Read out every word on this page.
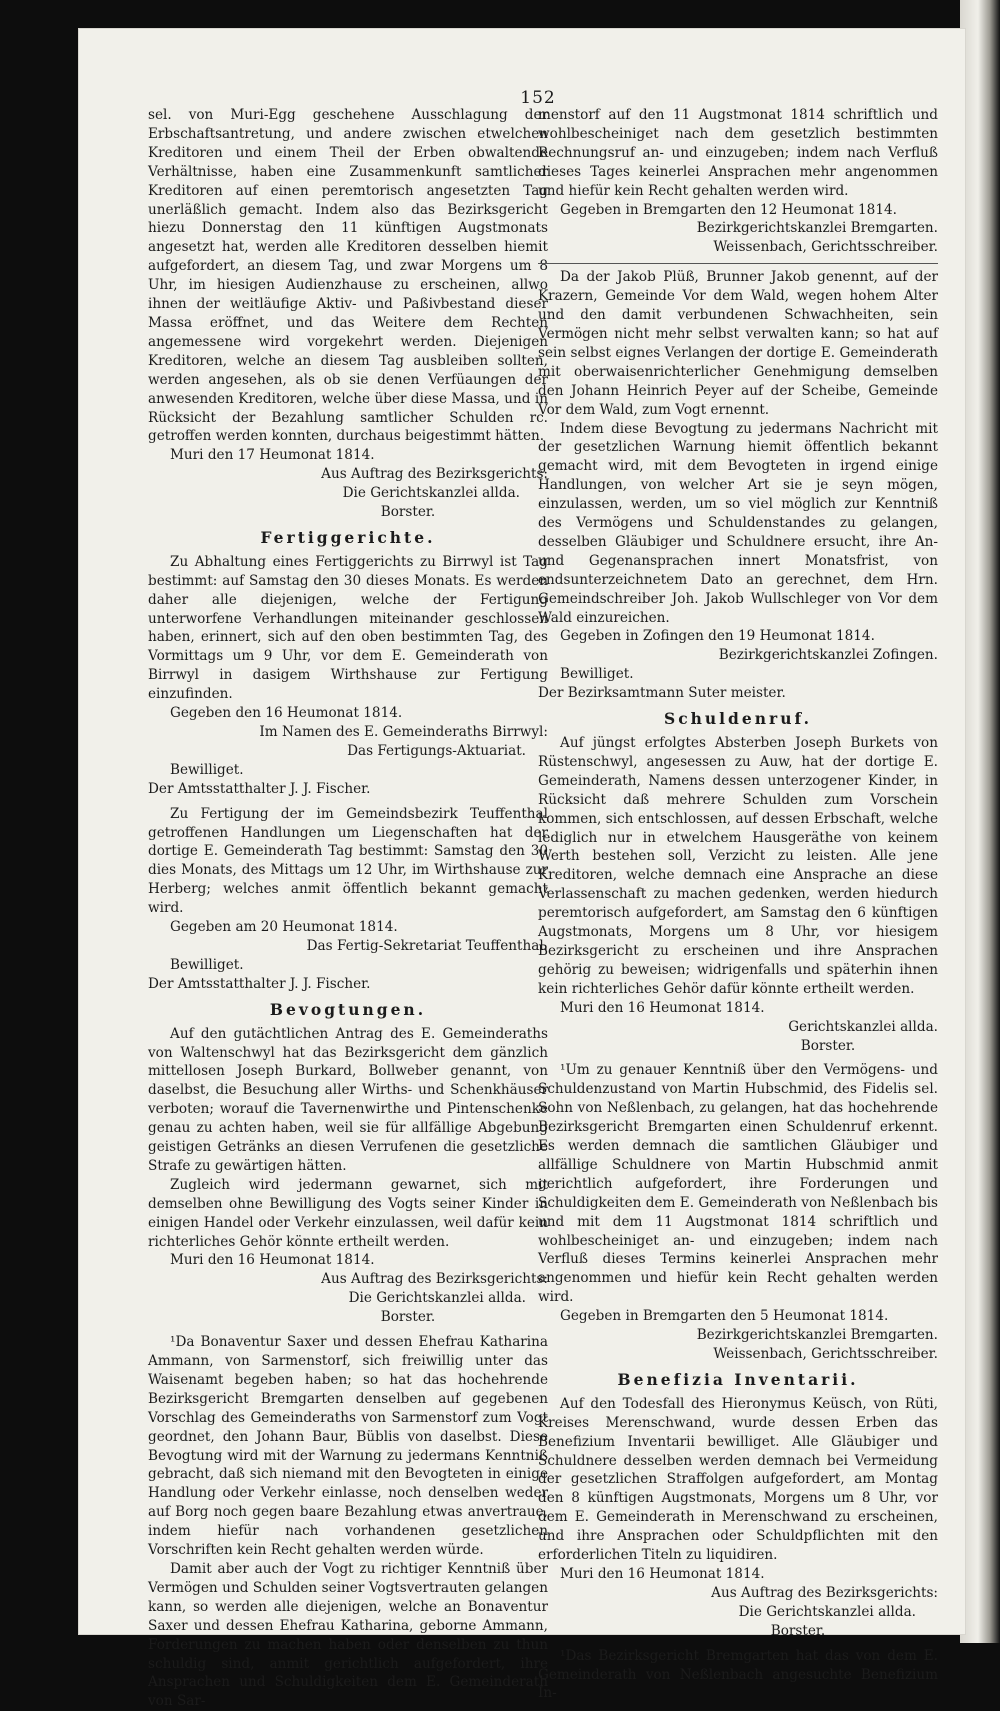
152

sel. von Muri-Egg geschehene Ausschlagung der Erbschaftsantretung, und andere zwischen etwelchen Kreditoren und einem Theil der Erben obwaltende Verhältnisse, haben eine Zusammenkunft samtlicher Kreditoren auf einen peremtorisch angesetzten Tag unerläßlich gemacht. Indem also das Bezirksgericht hiezu Donnerstag den 11 künftigen Augstmonats angesetzt hat, werden alle Kreditoren desselben hiemit aufgefordert, an diesem Tag, und zwar Morgens um 8 Uhr, im hiesigen Audienzhause zu erscheinen, allwo ihnen der weitläufige Aktiv- und Paßivbestand dieser Massa eröffnet, und das Weitere dem Rechten angemessene wird vorgekehrt werden. Diejenigen Kreditoren, welche an diesem Tag ausbleiben sollten, werden angesehen, als ob sie denen Verfüaungen der anwesenden Kreditoren, welche über diese Massa, und in Rücksicht der Bezahlung samtlicher Schulden rc. getroffen werden konnten, durchaus beigestimmt hätten.

Muri den 17 Heumonat 1814.

Aus Auftrag des Bezirksgerichts:

Die Gerichtskanzlei allda.

Borster.

Fertiggerichte.

Zu Abhaltung eines Fertiggerichts zu Birrwyl ist Tag bestimmt: auf Samstag den 30 dieses Monats. Es werden daher alle diejenigen, welche der Fertigung unterworfene Verhandlungen miteinander geschlossen haben, erinnert, sich auf den oben bestimmten Tag, des Vormittags um 9 Uhr, vor dem E. Gemeinderath von Birrwyl in dasigem Wirthshause zur Fertigung einzufinden.

Gegeben den 16 Heumonat 1814.

Im Namen des E. Gemeinderaths Birrwyl:

Das Fertigungs-Aktuariat.

Bewilliget.

Der Amtsstatthalter J. J. Fischer.

Zu Fertigung der im Gemeindsbezirk Teuffenthal getroffenen Handlungen um Liegenschaften hat der dortige E. Gemeinderath Tag bestimmt: Samstag den 30 dies Monats, des Mittags um 12 Uhr, im Wirthshause zur Herberg; welches anmit öffentlich bekannt gemacht wird.

Gegeben am 20 Heumonat 1814.

Das Fertig-Sekretariat Teuffenthal.

Bewilliget.

Der Amtsstatthalter J. J. Fischer.

Bevogtungen.

Auf den gutächtlichen Antrag des E. Gemeinderaths von Waltenschwyl hat das Bezirksgericht dem gänzlich mittellosen Joseph Burkard, Bollweber genannt, von daselbst, die Besuchung aller Wirths- und Schenkhäuser verboten; worauf die Tavernenwirthe und Pintenschenke genau zu achten haben, weil sie für allfällige Abgebung geistigen Getränks an diesen Verrufenen die gesetzliche Strafe zu gewärtigen hätten.

Zugleich wird jedermann gewarnet, sich mit demselben ohne Bewilligung des Vogts seiner Kinder in einigen Handel oder Verkehr einzulassen, weil dafür kein richterliches Gehör könnte ertheilt werden.

Muri den 16 Heumonat 1814.

Aus Auftrag des Bezirksgerichts:

Die Gerichtskanzlei allda.

Borster.

¹Da Bonaventur Saxer und dessen Ehefrau Katharina Ammann, von Sarmenstorf, sich freiwillig unter das Waisenamt begeben haben; so hat das hochehrende Bezirksgericht Bremgarten denselben auf gegebenen Vorschlag des Gemeinderaths von Sarmenstorf zum Vogt geordnet, den Johann Baur, Büblis von daselbst. Diese Bevogtung wird mit der Warnung zu jedermans Kenntniß gebracht, daß sich niemand mit den Bevogteten in einige Handlung oder Verkehr einlasse, noch denselben weder auf Borg noch gegen baare Bezahlung etwas anvertraue, indem hiefür nach vorhandenen gesetzlichen Vorschriften kein Recht gehalten werden würde.

Damit aber auch der Vogt zu richtiger Kenntniß über Vermögen und Schulden seiner Vogtsvertrauten gelangen kann, so werden alle diejenigen, welche an Bonaventur Saxer und dessen Ehefrau Katharina, geborne Ammann, Forderungen zu machen haben oder denselben zu thun schuldig sind, anmit gerichtlich aufgefordert, ihre Ansprachen und Schuldigkeiten dem E. Gemeinderath von Sar-

menstorf auf den 11 Augstmonat 1814 schriftlich und wohlbescheiniget nach dem gesetzlich bestimmten Rechnungsruf an- und einzugeben; indem nach Verfluß dieses Tages keinerlei Ansprachen mehr angenommen und hiefür kein Recht gehalten werden wird.

Gegeben in Bremgarten den 12 Heumonat 1814.

Bezirkgerichtskanzlei Bremgarten.

Weissenbach, Gerichtsschreiber.

Da der Jakob Plüß, Brunner Jakob genennt, auf der Krazern, Gemeinde Vor dem Wald, wegen hohem Alter und den damit verbundenen Schwachheiten, sein Vermögen nicht mehr selbst verwalten kann; so hat auf sein selbst eignes Verlangen der dortige E. Gemeinderath mit oberwaisenrichterlicher Genehmigung demselben den Johann Heinrich Peyer auf der Scheibe, Gemeinde Vor dem Wald, zum Vogt ernennt.

Indem diese Bevogtung zu jedermans Nachricht mit der gesetzlichen Warnung hiemit öffentlich bekannt gemacht wird, mit dem Bevogteten in irgend einige Handlungen, von welcher Art sie je seyn mögen, einzulassen, werden, um so viel möglich zur Kenntniß des Vermögens und Schuldenstandes zu gelangen, desselben Gläubiger und Schuldnere ersucht, ihre An- und Gegenansprachen innert Monatsfrist, von endsunterzeichnetem Dato an gerechnet, dem Hrn. Gemeindschreiber Joh. Jakob Wullschleger von Vor dem Wald einzureichen.

Gegeben in Zofingen den 19 Heumonat 1814.

Bezirkgerichtskanzlei Zofingen.

Bewilliget.

Der Bezirksamtmann Suter meister.

Schuldenruf.

Auf jüngst erfolgtes Absterben Joseph Burkets von Rüstenschwyl, angesessen zu Auw, hat der dortige E. Gemeinderath, Namens dessen unterzogener Kinder, in Rücksicht daß mehrere Schulden zum Vorschein kommen, sich entschlossen, auf dessen Erbschaft, welche lediglich nur in etwelchem Hausgeräthe von keinem Werth bestehen soll, Verzicht zu leisten. Alle jene Kreditoren, welche demnach eine Ansprache an diese Verlassenschaft zu machen gedenken, werden hiedurch peremtorisch aufgefordert, am Samstag den 6 künftigen Augstmonats, Morgens um 8 Uhr, vor hiesigem Bezirksgericht zu erscheinen und ihre Ansprachen gehörig zu beweisen; widrigenfalls und späterhin ihnen kein richterliches Gehör dafür könnte ertheilt werden.

Muri den 16 Heumonat 1814.

Gerichtskanzlei allda.

Borster.

¹Um zu genauer Kenntniß über den Vermögens- und Schuldenzustand von Martin Hubschmid, des Fidelis sel. Sohn von Neßlenbach, zu gelangen, hat das hochehrende Bezirksgericht Bremgarten einen Schuldenruf erkennt. Es werden demnach die samtlichen Gläubiger und allfällige Schuldnere von Martin Hubschmid anmit gerichtlich aufgefordert, ihre Forderungen und Schuldigkeiten dem E. Gemeinderath von Neßlenbach bis und mit dem 11 Augstmonat 1814 schriftlich und wohlbescheiniget an- und einzugeben; indem nach Verfluß dieses Termins keinerlei Ansprachen mehr angenommen und hiefür kein Recht gehalten werden wird.

Gegeben in Bremgarten den 5 Heumonat 1814.

Bezirkgerichtskanzlei Bremgarten.

Weissenbach, Gerichtsschreiber.

Benefizia Inventarii.

Auf den Todesfall des Hieronymus Keüsch, von Rüti, Kreises Merenschwand, wurde dessen Erben das Benefizium Inventarii bewilliget. Alle Gläubiger und Schuldnere desselben werden demnach bei Vermeidung der gesetzlichen Straffolgen aufgefordert, am Montag den 8 künftigen Augstmonats, Morgens um 8 Uhr, vor dem E. Gemeinderath in Merenschwand zu erscheinen, und ihre Ansprachen oder Schuldpflichten mit den erforderlichen Titeln zu liquidiren.

Muri den 16 Heumonat 1814.

Aus Auftrag des Bezirksgerichts:

Die Gerichtskanzlei allda.

Borster.

¹Das Bezirksgericht Bremgarten hat das von dem E. Gemeinderath von Neßlenbach angesuchte Benefizium In-
